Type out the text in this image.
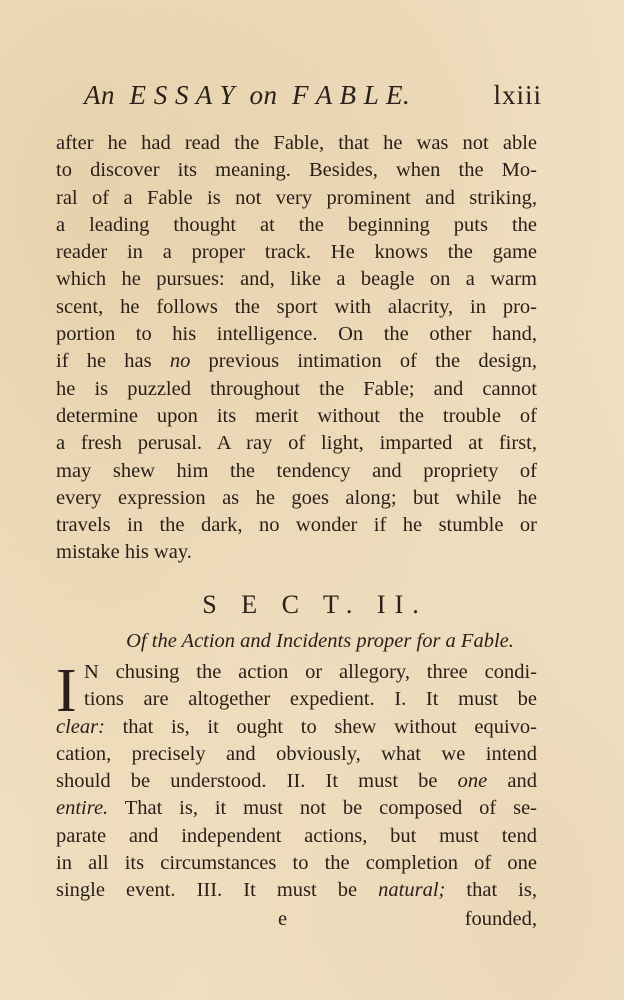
An  E S S A Y  on  F A B L E.	lxiii
after he had read the Fable, that he was not able
to discover its meaning. Besides, when the Mo-
ral of a Fable is not very prominent and striking,
a leading thought at the beginning puts the
reader in a proper track. He knows the game
which he pursues: and, like a beagle on a warm
scent, he follows the sport with alacrity, in pro-
portion to his intelligence. On the other hand,
if he has no previous intimation of the design,
he is puzzled throughout the Fable; and cannot
determine upon its merit without the trouble of
a fresh perusal. A ray of light, imparted at first,
may shew him the tendency and propriety of
every expression as he goes along; but while he
travels in the dark, no wonder if he stumble or
mistake his way.
S E C T. II.
Of the Action and Incidents proper for a Fable.
I N chusing the action or allegory, three condi-
tions are altogether expedient. I. It must be
clear: that is, it ought to shew without equivo-
cation, precisely and obviously, what we intend
should be understood. II. It must be one and
entire. That is, it must not be composed of se-
parate and independent actions, but must tend
in all its circumstances to the completion of one
single event. III. It must be natural; that is,
e	founded,
